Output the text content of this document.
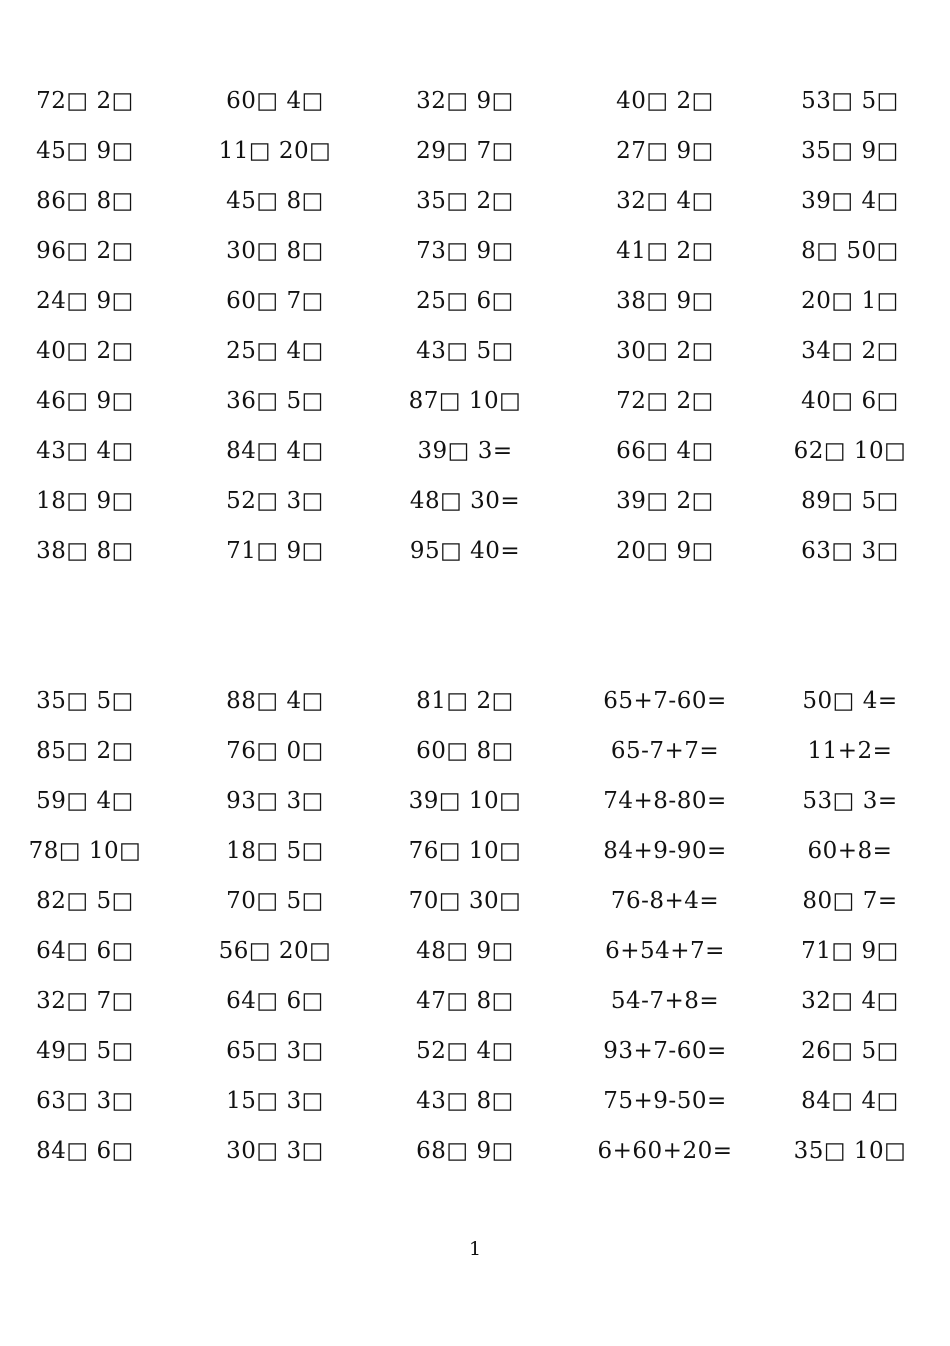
72□ 2□	60□ 4□	32□ 9□	40□ 2□	53□ 5□
45□ 9□	11□ 20□	29□ 7□	27□ 9□	35□ 9□
86□ 8□	45□ 8□	35□ 2□	32□ 4□	39□ 4□
96□ 2□	30□ 8□	73□ 9□	41□ 2□	8□ 50□
24□ 9□	60□ 7□	25□ 6□	38□ 9□	20□ 1□
40□ 2□	25□ 4□	43□ 5□	30□ 2□	34□ 2□
46□ 9□	36□ 5□	87□ 10□	72□ 2□	40□ 6□
43□ 4□	84□ 4□	39□ 3=	66□ 4□	62□ 10□
18□ 9□	52□ 3□	48□ 30=	39□ 2□	89□ 5□
38□ 8□	71□ 9□	95□ 40=	20□ 9□	63□ 3□
35□ 5□	88□ 4□	81□ 2□	65+7-60=	50□ 4=
85□ 2□	76□ 0□	60□ 8□	65-7+7=	11+2=
59□ 4□	93□ 3□	39□ 10□	74+8-80=	53□ 3=
78□ 10□	18□ 5□	76□ 10□	84+9-90=	60+8=
82□ 5□	70□ 5□	70□ 30□	76-8+4=	80□ 7=
64□ 6□	56□ 20□	48□ 9□	6+54+7=	71□ 9□
32□ 7□	64□ 6□	47□ 8□	54-7+8=	32□ 4□
49□ 5□	65□ 3□	52□ 4□	93+7-60=	26□ 5□
63□ 3□	15□ 3□	43□ 8□	75+9-50=	84□ 4□
84□ 6□	30□ 3□	68□ 9□	6+60+20=	35□ 10□
1
